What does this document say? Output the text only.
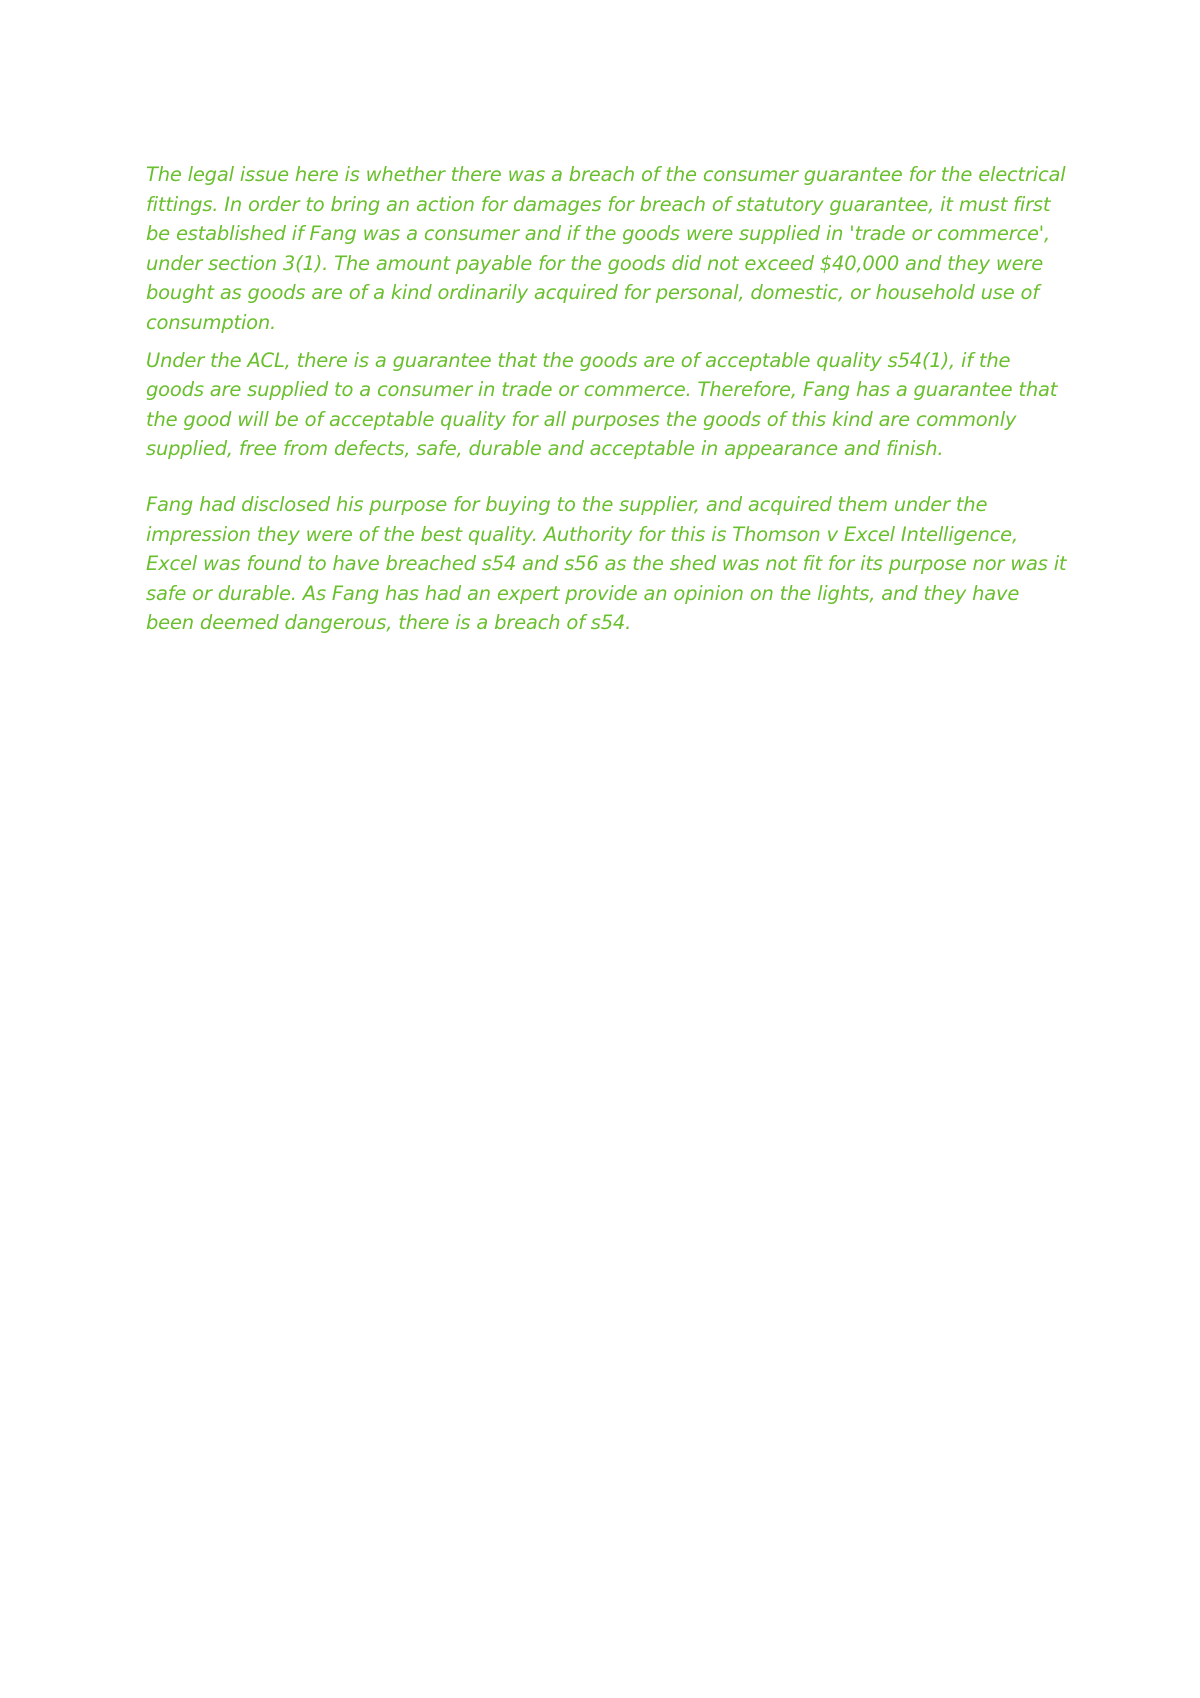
The legal issue here is whether there was a breach of the consumer guarantee for the electrical fittings. In order to bring an action for damages for breach of statutory guarantee, it must first be established if Fang was a consumer and if the goods were supplied in 'trade or commerce', under section 3(1). The amount payable for the goods did not exceed $40,000 and they were bought as goods are of a kind ordinarily acquired for personal, domestic, or household use of consumption.

Under the ACL, there is a guarantee that the goods are of acceptable quality s54(1), if the goods are supplied to a consumer in trade or commerce. Therefore, Fang has a guarantee that the good will be of acceptable quality for all purposes the goods of this kind are commonly supplied, free from defects, safe, durable and acceptable in appearance and finish.

Fang had disclosed his purpose for buying to the supplier, and acquired them under the impression they were of the best quality. Authority for this is Thomson v Excel Intelligence, Excel was found to have breached s54 and s56 as the shed was not fit for its purpose nor was it safe or durable. As Fang has had an expert provide an opinion on the lights, and they have been deemed dangerous, there is a breach of s54.
